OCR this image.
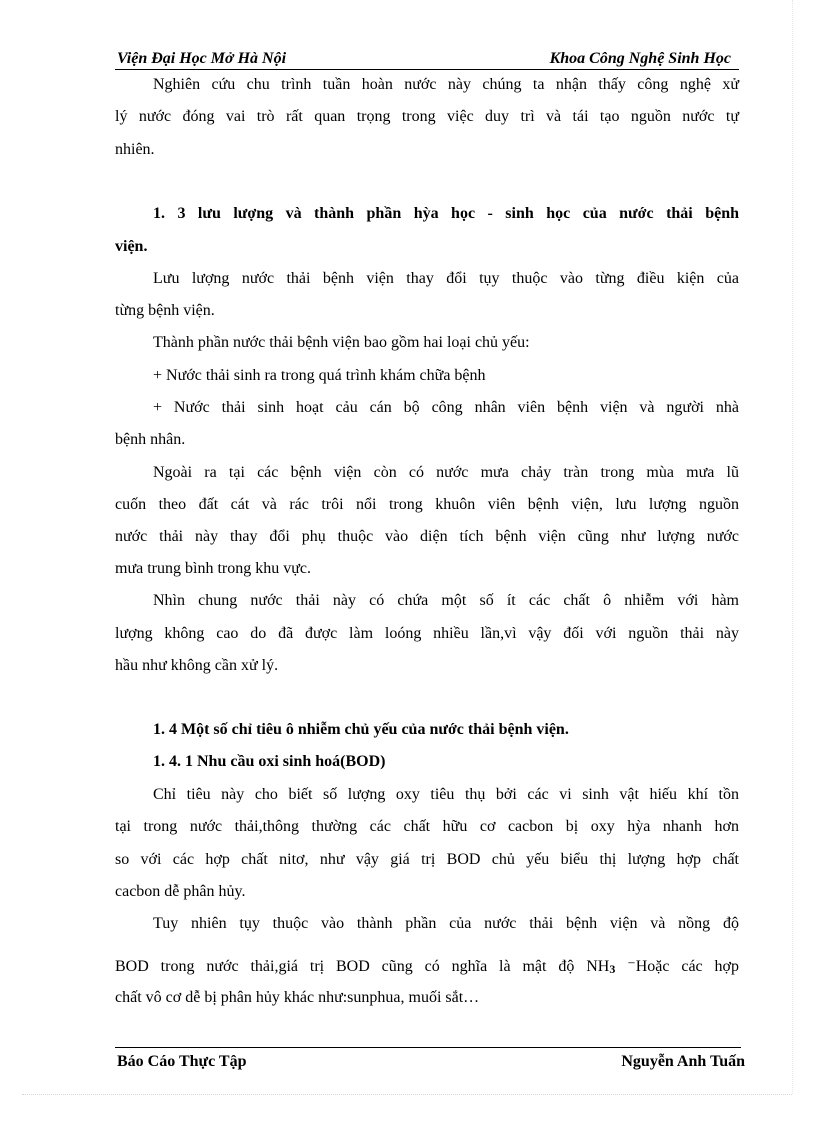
Viện Đại Học Mở Hà Nội	Khoa Công Nghệ Sinh Học
Nghiên cứu chu trình tuần hoàn nước này chúng ta nhận thấy công nghệ xử
lý nước đóng vai trò rất quan trọng trong việc duy trì và tái tạo nguồn nước tự
nhiên.
1. 3 lưu lượng và thành phần hỳa học - sinh học của nước thải bệnh
viện.
Lưu lượng nước thải bệnh viện thay đổi tụy thuộc vào từng điều kiện của
từng bệnh viện.
Thành phần nước thải bệnh viện bao gồm hai loại chủ yếu:
+ Nước thải sinh ra trong quá trình khám chữa bệnh
+ Nước thải sinh hoạt cảu cán bộ công nhân viên bệnh viện và người nhà
bệnh nhân.
Ngoài ra tại các bệnh viện còn có nước mưa chảy tràn trong mùa mưa lũ
cuốn theo đất cát và rác trôi nổi trong khuôn viên bệnh viện, lưu lượng nguồn
nước thải này thay đổi phụ thuộc vào diện tích bệnh viện cũng như lượng nước
mưa trung bình trong khu vực.
Nhìn chung nước thải này có chứa một số ít các chất ô nhiễm với hàm
lượng không cao do đã được làm loóng nhiều lần,vì vậy đối với nguồn thải này
hầu như không cần xử lý.
1. 4 Một số chỉ tiêu ô nhiễm chủ yếu của nước thải bệnh viện.
1. 4. 1 Nhu cầu oxi sinh hoá(BOD)
Chỉ tiêu này cho biết số lượng oxy tiêu thụ bởi các vi sinh vật hiếu khí tồn
tại trong nước thải,thông thường các chất hữu cơ cacbon bị oxy hỳa nhanh hơn
so với các hợp chất nitơ, như vậy giá trị BOD chủ yếu biểu thị lượng hợp chất
cacbon dễ phân hủy.
Tuy nhiên tụy thuộc vào thành phần của nước thải bệnh viện và nồng độ
BOD trong nước thải,giá trị BOD cũng có nghĩa là mật độ $NH_3$ ⁻Hoặc các hợp
chất vô cơ dễ bị phân hủy khác như:sunphua, muối sắt…
Báo Cáo Thực Tập	Nguyễn Anh Tuấn
